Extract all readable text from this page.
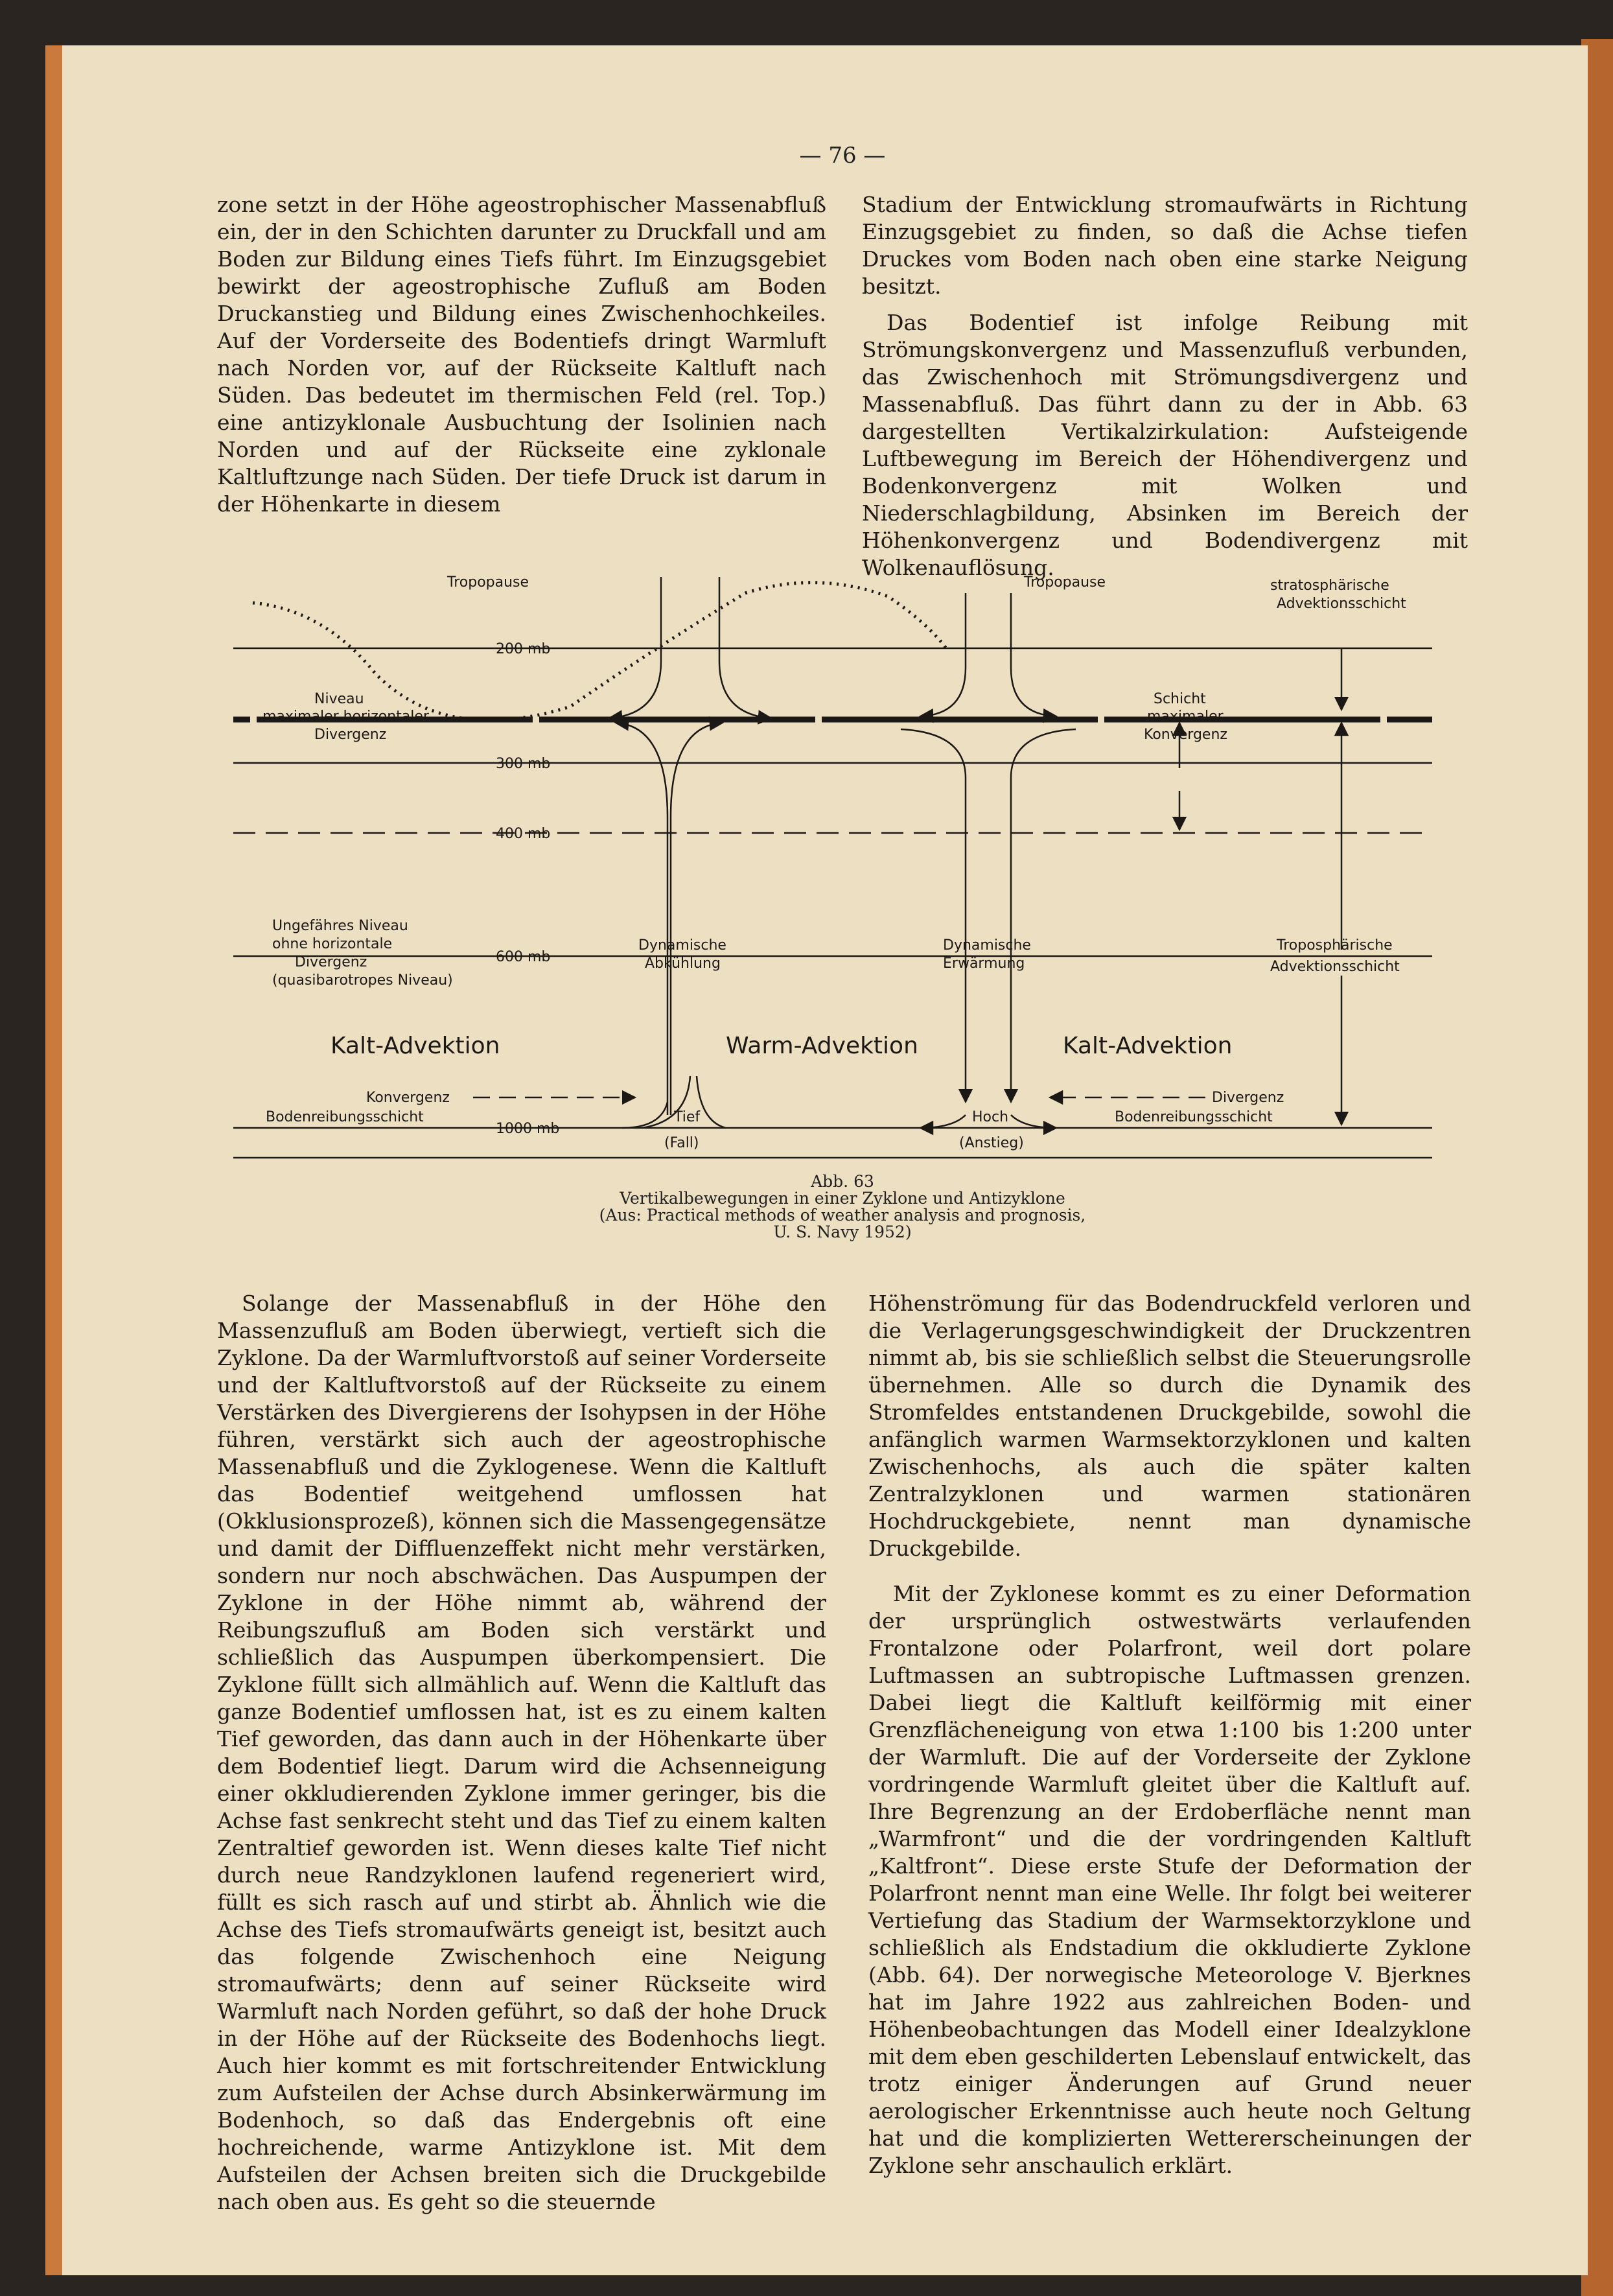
— 76 —

zone setzt in der Höhe ageostrophischer Massenabfluß ein, der in den Schichten darunter zu Druckfall und am Boden zur Bildung eines Tiefs führt. Im Einzugsgebiet bewirkt der ageostrophische Zufluß am Boden Druckanstieg und Bildung eines Zwischenhochkeiles. Auf der Vorderseite des Bodentiefs dringt Warmluft nach Norden vor, auf der Rückseite Kaltluft nach Süden. Das bedeutet im thermischen Feld (rel. Top.) eine antizyklonale Ausbuchtung der Isolinien nach Norden und auf der Rückseite eine zyklonale Kaltluftzunge nach Süden. Der tiefe Druck ist darum in der Höhenkarte in diesem

Stadium der Entwicklung stromaufwärts in Richtung Einzugsgebiet zu finden, so daß die Achse tiefen Druckes vom Boden nach oben eine starke Neigung besitzt.

Das Bodentief ist infolge Reibung mit Strömungskonvergenz und Massenzufluß verbunden, das Zwischenhoch mit Strömungsdivergenz und Massenabfluß. Das führt dann zu der in Abb. 63 dargestellten Vertikalzirkulation: Aufsteigende Luftbewegung im Bereich der Höhendivergenz und Bodenkonvergenz mit Wolken und Niederschlagbildung, Absinken im Bereich der Höhenkonvergenz und Bodendivergenz mit Wolkenauflösung.

Tropopause	Tropopause	stratosphärische
Advektionsschicht
200 mb
300 mb
400 mb
600 mb
1000 mb
Niveau
maximaler horizontaler
Divergenz
Schicht
maximaler
Konvergenz
Ungefähres Niveau
ohne horizontale
Divergenz
(quasibarotropes Niveau)
Dynamische
Abkühlung
Dynamische
Erwärmung
Troposphärische
Advektionsschicht
Konvergenz	Divergenz
Bodenreibungsschicht	Bodenreibungsschicht
Tief
(Fall)
Hoch
(Anstieg)
Kalt-Advektion	Warm-Advektion	Kalt-Advektion
Abb. 63
Vertikalbewegungen in einer Zyklone und Antizyklone
(Aus: Practical methods of weather analysis and prognosis,
U. S. Navy 1952)

Solange der Massenabfluß in der Höhe den Massenzufluß am Boden überwiegt, vertieft sich die Zyklone. Da der Warmluftvorstoß auf seiner Vorderseite und der Kaltluftvorstoß auf der Rückseite zu einem Verstärken des Divergierens der Isohypsen in der Höhe führen, verstärkt sich auch der ageostrophische Massenabfluß und die Zyklogenese. Wenn die Kaltluft das Bodentief weitgehend umflossen hat (Okklusionsprozeß), können sich die Massengegensätze und damit der Diffluenzeffekt nicht mehr verstärken, sondern nur noch abschwächen. Das Auspumpen der Zyklone in der Höhe nimmt ab, während der Reibungszufluß am Boden sich verstärkt und schließlich das Auspumpen überkompensiert. Die Zyklone füllt sich allmählich auf. Wenn die Kaltluft das ganze Bodentief umflossen hat, ist es zu einem kalten Tief geworden, das dann auch in der Höhenkarte über dem Bodentief liegt. Darum wird die Achsenneigung einer okkludierenden Zyklone immer geringer, bis die Achse fast senkrecht steht und das Tief zu einem kalten Zentraltief geworden ist. Wenn dieses kalte Tief nicht durch neue Randzyklonen laufend regeneriert wird, füllt es sich rasch auf und stirbt ab. Ähnlich wie die Achse des Tiefs stromaufwärts geneigt ist, besitzt auch das folgende Zwischenhoch eine Neigung stromaufwärts; denn auf seiner Rückseite wird Warmluft nach Norden geführt, so daß der hohe Druck in der Höhe auf der Rückseite des Bodenhochs liegt. Auch hier kommt es mit fortschreitender Entwicklung zum Aufsteilen der Achse durch Absinkerwärmung im Bodenhoch, so daß das Endergebnis oft eine hochreichende, warme Antizyklone ist. Mit dem Aufsteilen der Achsen breiten sich die Druckgebilde nach oben aus. Es geht so die steuernde

Höhenströmung für das Bodendruckfeld verloren und die Verlagerungsgeschwindigkeit der Druckzentren nimmt ab, bis sie schließlich selbst die Steuerungsrolle übernehmen. Alle so durch die Dynamik des Stromfeldes entstandenen Druckgebilde, sowohl die anfänglich warmen Warmsektorzyklonen und kalten Zwischenhochs, als auch die später kalten Zentralzyklonen und warmen stationären Hochdruckgebiete, nennt man dynamische Druckgebilde.

Mit der Zyklonese kommt es zu einer Deformation der ursprünglich ostwestwärts verlaufenden Frontalzone oder Polarfront, weil dort polare Luftmassen an subtropische Luftmassen grenzen. Dabei liegt die Kaltluft keilförmig mit einer Grenzflächeneigung von etwa 1:100 bis 1:200 unter der Warmluft. Die auf der Vorderseite der Zyklone vordringende Warmluft gleitet über die Kaltluft auf. Ihre Begrenzung an der Erdoberfläche nennt man „Warmfront“ und die der vordringenden Kaltluft „Kaltfront“. Diese erste Stufe der Deformation der Polarfront nennt man eine Welle. Ihr folgt bei weiterer Vertiefung das Stadium der Warmsektorzyklone und schließlich als Endstadium die okkludierte Zyklone (Abb. 64). Der norwegische Meteorologe V. Bjerknes hat im Jahre 1922 aus zahlreichen Boden- und Höhenbeobachtungen das Modell einer Idealzyklone mit dem eben geschilderten Lebenslauf entwickelt, das trotz einiger Änderungen auf Grund neuer aerologischer Erkenntnisse auch heute noch Geltung hat und die komplizierten Wettererscheinungen der Zyklone sehr anschaulich erklärt.
